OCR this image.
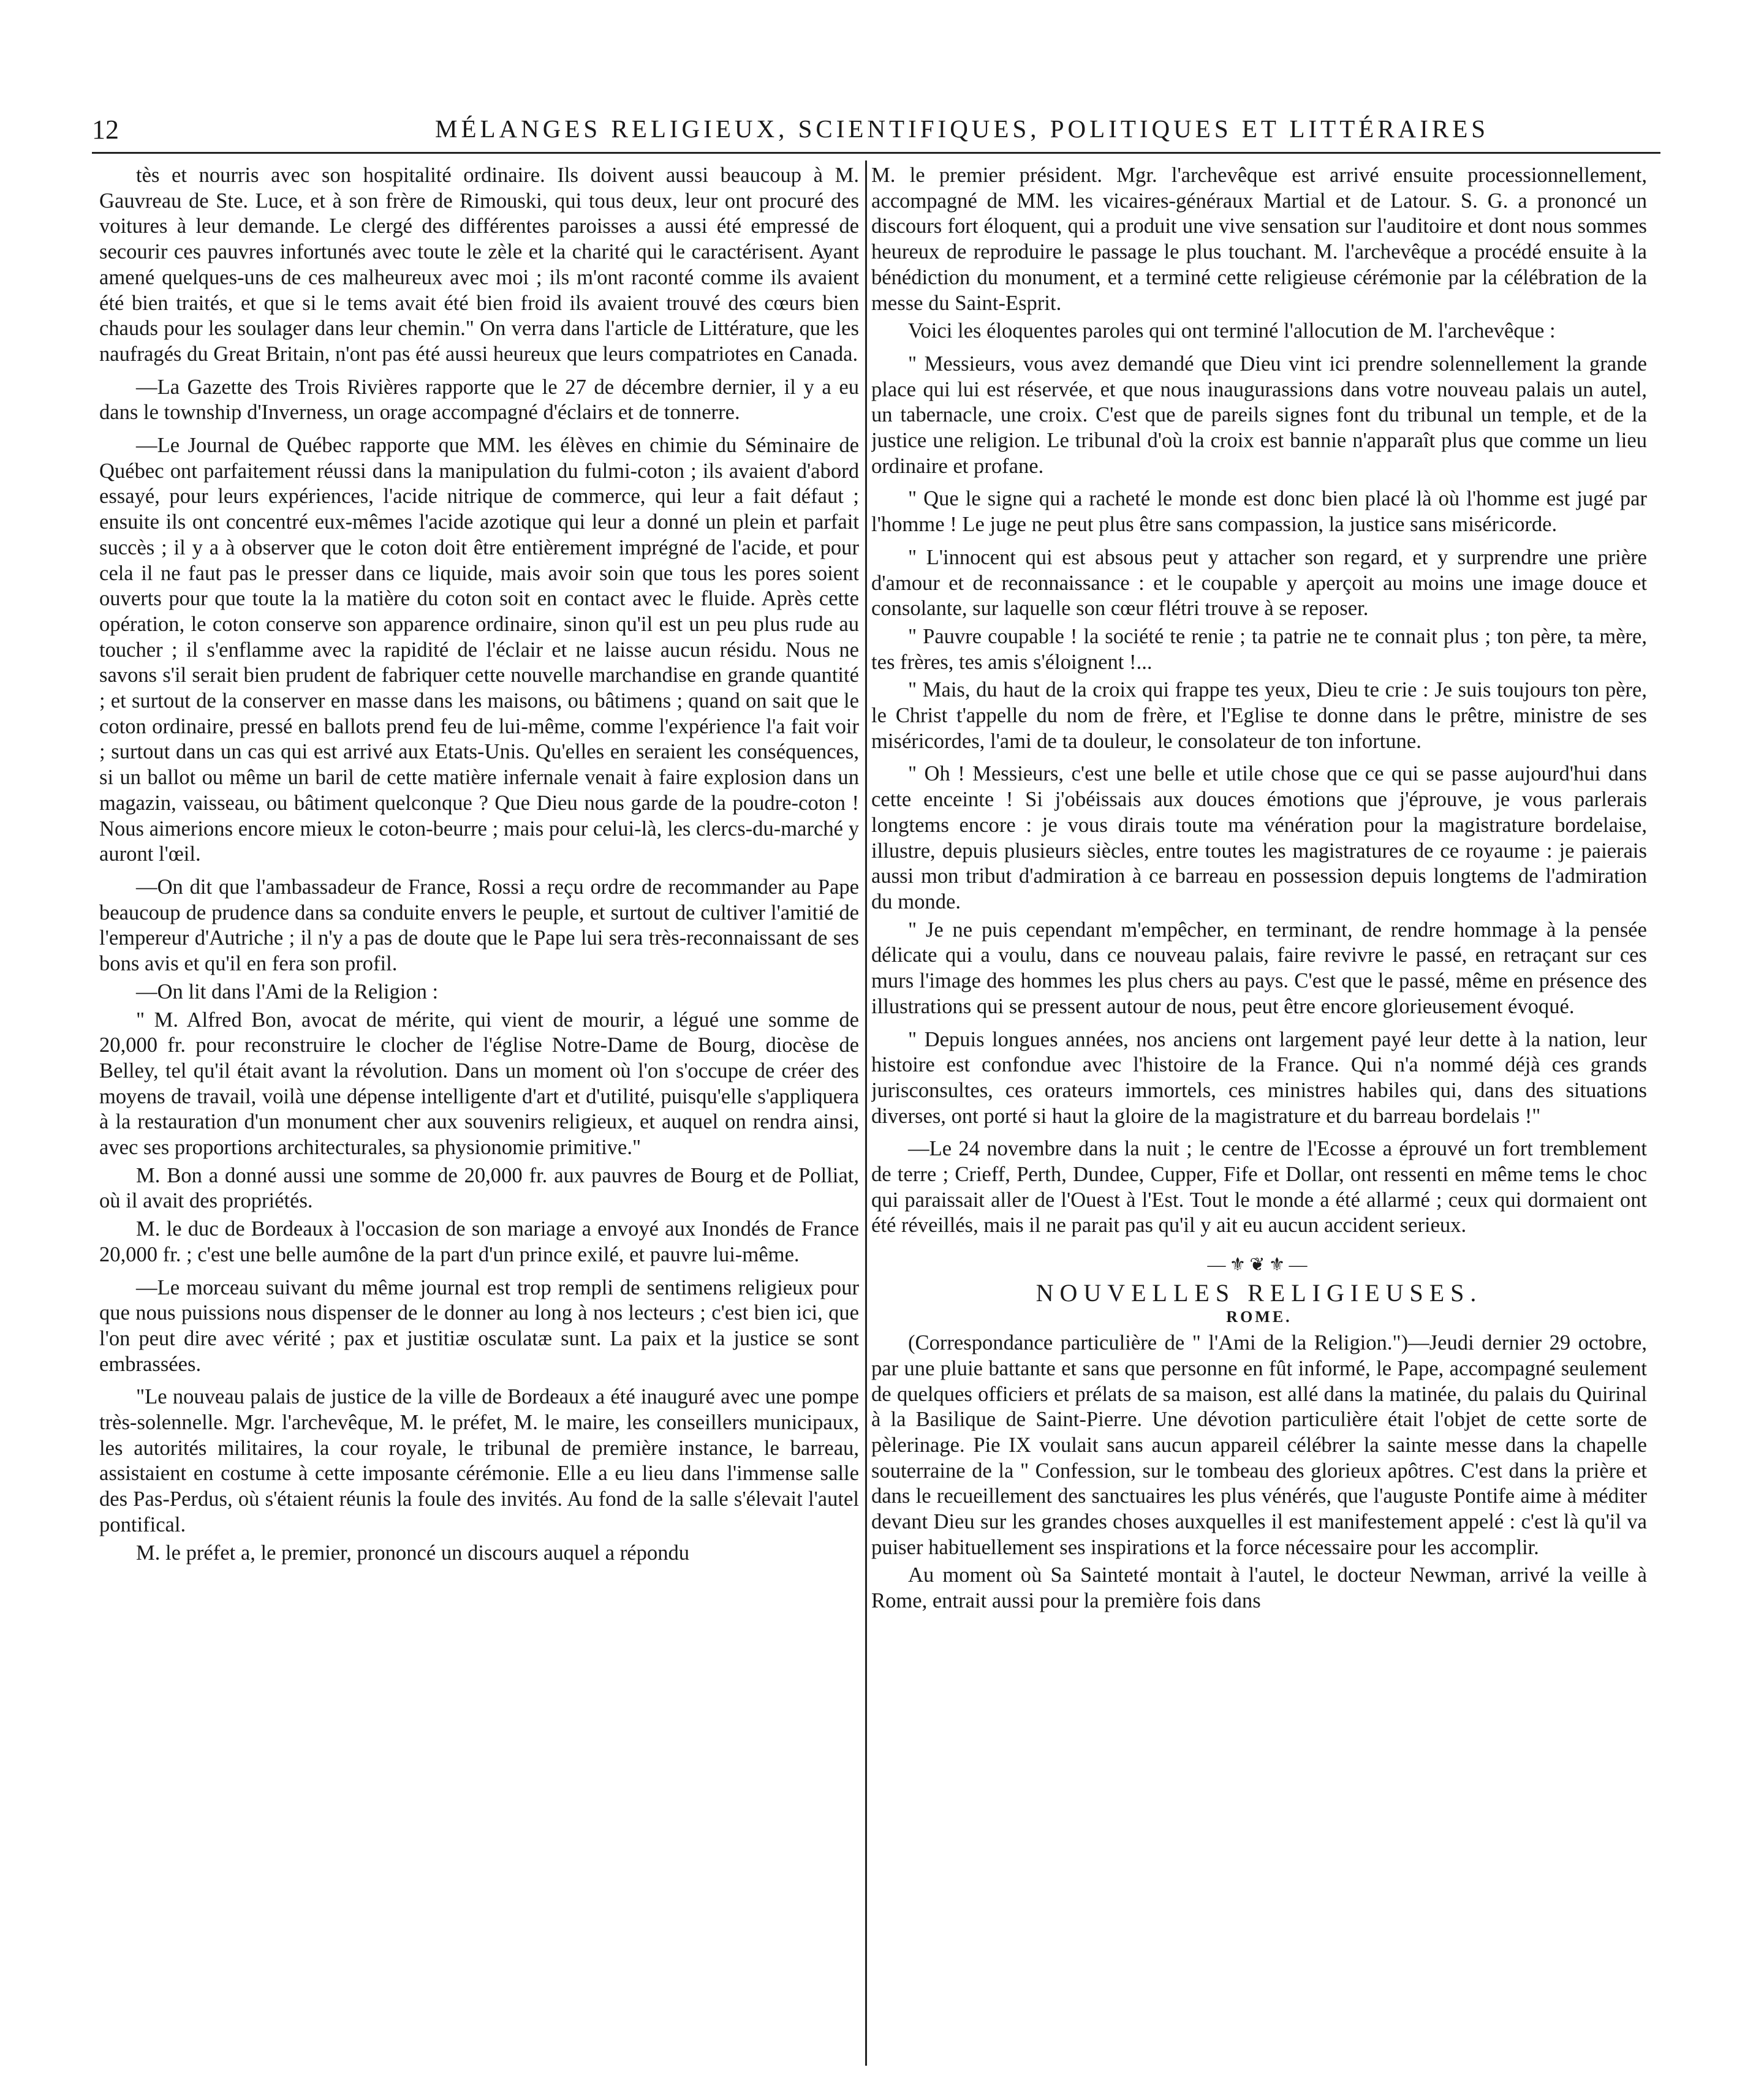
12	MÉLANGES RELIGIEUX, SCIENTIFIQUES, POLITIQUES ET LITTÉRAIRES

tès et nourris avec son hospitalité ordinaire. Ils doivent aussi beaucoup à M. Gauvreau de Ste. Luce, et à son frère de Rimouski, qui tous deux, leur ont procuré des voitures à leur demande. Le clergé des différentes paroisses a aussi été empressé de secourir ces pauvres infortunés avec toute le zèle et la charité qui le caractérisent. Ayant amené quelques-uns de ces malheureux avec moi ; ils m'ont raconté comme ils avaient été bien traités, et que si le tems avait été bien froid ils avaient trouvé des cœurs bien chauds pour les soulager dans leur chemin." On verra dans l'article de Littérature, que les naufragés du Great Britain, n'ont pas été aussi heureux que leurs compatriotes en Canada.

—La Gazette des Trois Rivières rapporte que le 27 de décembre dernier, il y a eu dans le township d'Inverness, un orage accompagné d'éclairs et de tonnerre.

—Le Journal de Québec rapporte que MM. les élèves en chimie du Séminaire de Québec ont parfaitement réussi dans la manipulation du fulmi-coton ; ils avaient d'abord essayé, pour leurs expériences, l'acide nitrique de commerce, qui leur a fait défaut ; ensuite ils ont concentré eux-mêmes l'acide azotique qui leur a donné un plein et parfait succès ; il y a à observer que le coton doit être entièrement imprégné de l'acide, et pour cela il ne faut pas le presser dans ce liquide, mais avoir soin que tous les pores soient ouverts pour que toute la la matière du coton soit en contact avec le fluide. Après cette opération, le coton conserve son apparence ordinaire, sinon qu'il est un peu plus rude au toucher ; il s'enflamme avec la rapidité de l'éclair et ne laisse aucun résidu. Nous ne savons s'il serait bien prudent de fabriquer cette nouvelle marchandise en grande quantité ; et surtout de la conserver en masse dans les maisons, ou bâtimens ; quand on sait que le coton ordinaire, pressé en ballots prend feu de lui-même, comme l'expérience l'a fait voir ; surtout dans un cas qui est arrivé aux Etats-Unis. Qu'elles en seraient les conséquences, si un ballot ou même un baril de cette matière infernale venait à faire explosion dans un magazin, vaisseau, ou bâtiment quelconque ? Que Dieu nous garde de la poudre-coton ! Nous aimerions encore mieux le coton-beurre ; mais pour celui-là, les clercs-du-marché y auront l'œil.

—On dit que l'ambassadeur de France, Rossi a reçu ordre de recommander au Pape beaucoup de prudence dans sa conduite envers le peuple, et surtout de cultiver l'amitié de l'empereur d'Autriche ; il n'y a pas de doute que le Pape lui sera très-reconnaissant de ses bons avis et qu'il en fera son profil.

—On lit dans l'Ami de la Religion :

" M. Alfred Bon, avocat de mérite, qui vient de mourir, a légué une somme de 20,000 fr. pour reconstruire le clocher de l'église Notre-Dame de Bourg, diocèse de Belley, tel qu'il était avant la révolution. Dans un moment où l'on s'occupe de créer des moyens de travail, voilà une dépense intelligente d'art et d'utilité, puisqu'elle s'appliquera à la restauration d'un monument cher aux souvenirs religieux, et auquel on rendra ainsi, avec ses proportions architecturales, sa physionomie primitive."

M. Bon a donné aussi une somme de 20,000 fr. aux pauvres de Bourg et de Polliat, où il avait des propriétés.

M. le duc de Bordeaux à l'occasion de son mariage a envoyé aux Inondés de France 20,000 fr. ; c'est une belle aumône de la part d'un prince exilé, et pauvre lui-même.

—Le morceau suivant du même journal est trop rempli de sentimens religieux pour que nous puissions nous dispenser de le donner au long à nos lecteurs ; c'est bien ici, que l'on peut dire avec vérité ; pax et justitiæ osculatæ sunt. La paix et la justice se sont embrassées.

"Le nouveau palais de justice de la ville de Bordeaux a été inauguré avec une pompe très-solennelle. Mgr. l'archevêque, M. le préfet, M. le maire, les conseillers municipaux, les autorités militaires, la cour royale, le tribunal de première instance, le barreau, assistaient en costume à cette imposante cérémonie. Elle a eu lieu dans l'immense salle des Pas-Perdus, où s'étaient réunis la foule des invités. Au fond de la salle s'élevait l'autel pontifical.

M. le préfet a, le premier, prononcé un discours auquel a répondu

M. le premier président. Mgr. l'archevêque est arrivé ensuite processionnellement, accompagné de MM. les vicaires-généraux Martial et de Latour. S. G. a prononcé un discours fort éloquent, qui a produit une vive sensation sur l'auditoire et dont nous sommes heureux de reproduire le passage le plus touchant. M. l'archevêque a procédé ensuite à la bénédiction du monument, et a terminé cette religieuse cérémonie par la célébration de la messe du Saint-Esprit.

Voici les éloquentes paroles qui ont terminé l'allocution de M. l'archevêque :

" Messieurs, vous avez demandé que Dieu vint ici prendre solennellement la grande place qui lui est réservée, et que nous inaugurassions dans votre nouveau palais un autel, un tabernacle, une croix. C'est que de pareils signes font du tribunal un temple, et de la justice une religion. Le tribunal d'où la croix est bannie n'apparaît plus que comme un lieu ordinaire et profane.

" Que le signe qui a racheté le monde est donc bien placé là où l'homme est jugé par l'homme ! Le juge ne peut plus être sans compassion, la justice sans miséricorde.

" L'innocent qui est absous peut y attacher son regard, et y surprendre une prière d'amour et de reconnaissance : et le coupable y aperçoit au moins une image douce et consolante, sur laquelle son cœur flétri trouve à se reposer.

" Pauvre coupable ! la société te renie ; ta patrie ne te connait plus ; ton père, ta mère, tes frères, tes amis s'éloignent !...

" Mais, du haut de la croix qui frappe tes yeux, Dieu te crie : Je suis toujours ton père, le Christ t'appelle du nom de frère, et l'Eglise te donne dans le prêtre, ministre de ses miséricordes, l'ami de ta douleur, le consolateur de ton infortune.

" Oh ! Messieurs, c'est une belle et utile chose que ce qui se passe aujourd'hui dans cette enceinte ! Si j'obéissais aux douces émotions que j'éprouve, je vous parlerais longtems encore : je vous dirais toute ma vénération pour la magistrature bordelaise, illustre, depuis plusieurs siècles, entre toutes les magistratures de ce royaume : je paierais aussi mon tribut d'admiration à ce barreau en possession depuis longtems de l'admiration du monde.

" Je ne puis cependant m'empêcher, en terminant, de rendre hommage à la pensée délicate qui a voulu, dans ce nouveau palais, faire revivre le passé, en retraçant sur ces murs l'image des hommes les plus chers au pays. C'est que le passé, même en présence des illustrations qui se pressent autour de nous, peut être encore glorieusement évoqué.

" Depuis longues années, nos anciens ont largement payé leur dette à la nation, leur histoire est confondue avec l'histoire de la France. Qui n'a nommé déjà ces grands jurisconsultes, ces orateurs immortels, ces ministres habiles qui, dans des situations diverses, ont porté si haut la gloire de la magistrature et du barreau bordelais !"

—Le 24 novembre dans la nuit ; le centre de l'Ecosse a éprouvé un fort tremblement de terre ; Crieff, Perth, Dundee, Cupper, Fife et Dollar, ont ressenti en même tems le choc qui paraissait aller de l'Ouest à l'Est. Tout le monde a été allarmé ; ceux qui dormaient ont été réveillés, mais il ne parait pas qu'il y ait eu aucun accident serieux.

—⚜❦⚜—
NOUVELLES RELIGIEUSES.
ROME.

(Correspondance particulière de " l'Ami de la Religion.")—Jeudi dernier 29 octobre, par une pluie battante et sans que personne en fût informé, le Pape, accompagné seulement de quelques officiers et prélats de sa maison, est allé dans la matinée, du palais du Quirinal à la Basilique de Saint-Pierre. Une dévotion particulière était l'objet de cette sorte de pèlerinage. Pie IX voulait sans aucun appareil célébrer la sainte messe dans la chapelle souterraine de la " Confession, sur le tombeau des glorieux apôtres. C'est dans la prière et dans le recueillement des sanctuaires les plus vénérés, que l'auguste Pontife aime à méditer devant Dieu sur les grandes choses auxquelles il est manifestement appelé : c'est là qu'il va puiser habituellement ses inspirations et la force nécessaire pour les accomplir.

Au moment où Sa Sainteté montait à l'autel, le docteur Newman, arrivé la veille à Rome, entrait aussi pour la première fois dans
